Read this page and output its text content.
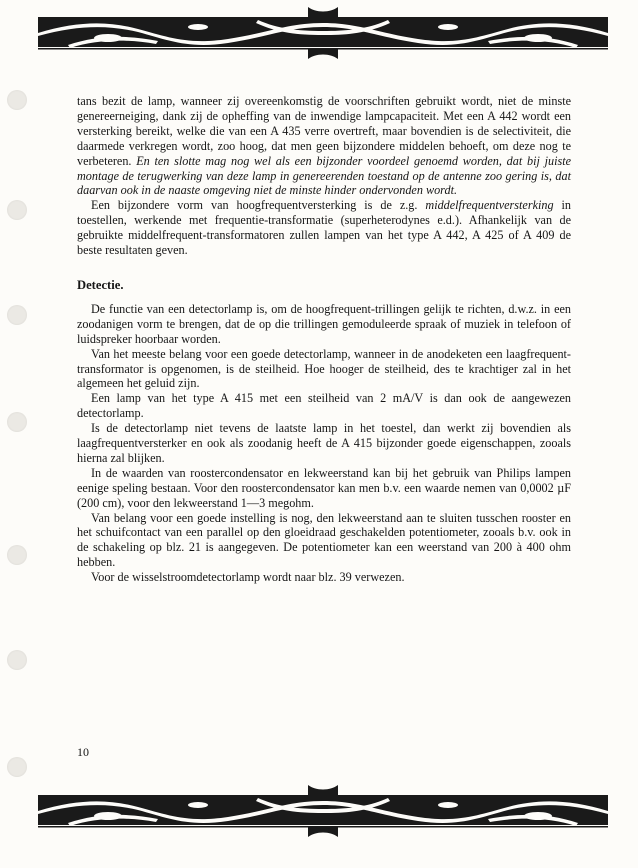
tans bezit de lamp, wanneer zij overeenkomstig de voorschriften gebruikt wordt, niet de minste genereerneiging, dank zij de opheffing van de inwendige lampcapaciteit. Met een A 442 wordt een versterking bereikt, welke die van een A 435 verre overtreft, maar bovendien is de selectiviteit, die daarmede verkregen wordt, zoo hoog, dat men geen bijzondere middelen behoeft, om deze nog te verbeteren. En ten slotte mag nog wel als een bijzonder voordeel genoemd worden, dat bij juiste montage de terugwerking van deze lamp in genereerenden toestand op de antenne zoo gering is, dat daarvan ook in de naaste omgeving niet de minste hinder ondervonden wordt.

Een bijzondere vorm van hoogfrequentversterking is de z.g. middelfrequentversterking in toestellen, werkende met frequentie-transformatie (superheterodynes e.d.). Afhankelijk van de gebruikte middelfrequent-transformatoren zullen lampen van het type A 442, A 425 of A 409 de beste resultaten geven.

Detectie.

De functie van een detectorlamp is, om de hoogfrequent-trillingen gelijk te richten, d.w.z. in een zoodanigen vorm te brengen, dat de op die trillingen gemoduleerde spraak of muziek in telefoon of luidspreker hoorbaar worden.

Van het meeste belang voor een goede detectorlamp, wanneer in de anodeketen een laagfrequent-transformator is opgenomen, is de steilheid. Hoe hooger de steilheid, des te krachtiger zal in het algemeen het geluid zijn.

Een lamp van het type A 415 met een steilheid van 2 mA/V is dan ook de aangewezen detectorlamp.

Is de detectorlamp niet tevens de laatste lamp in het toestel, dan werkt zij bovendien als laagfrequentversterker en ook als zoodanig heeft de A 415 bijzonder goede eigenschappen, zooals hierna zal blijken.

In de waarden van roostercondensator en lekweerstand kan bij het gebruik van Philips lampen eenige speling bestaan. Voor den roostercondensator kan men b.v. een waarde nemen van 0,0002 µF (200 cm), voor den lekweerstand 1—3 megohm.

Van belang voor een goede instelling is nog, den lekweerstand aan te sluiten tusschen rooster en het schuifcontact van een parallel op den gloeidraad geschakelden potentiometer, zooals b.v. ook in de schakeling op blz. 21 is aangegeven. De potentiometer kan een weerstand van 200 à 400 ohm hebben.

Voor de wisselstroomdetectorlamp wordt naar blz. 39 verwezen.

10
